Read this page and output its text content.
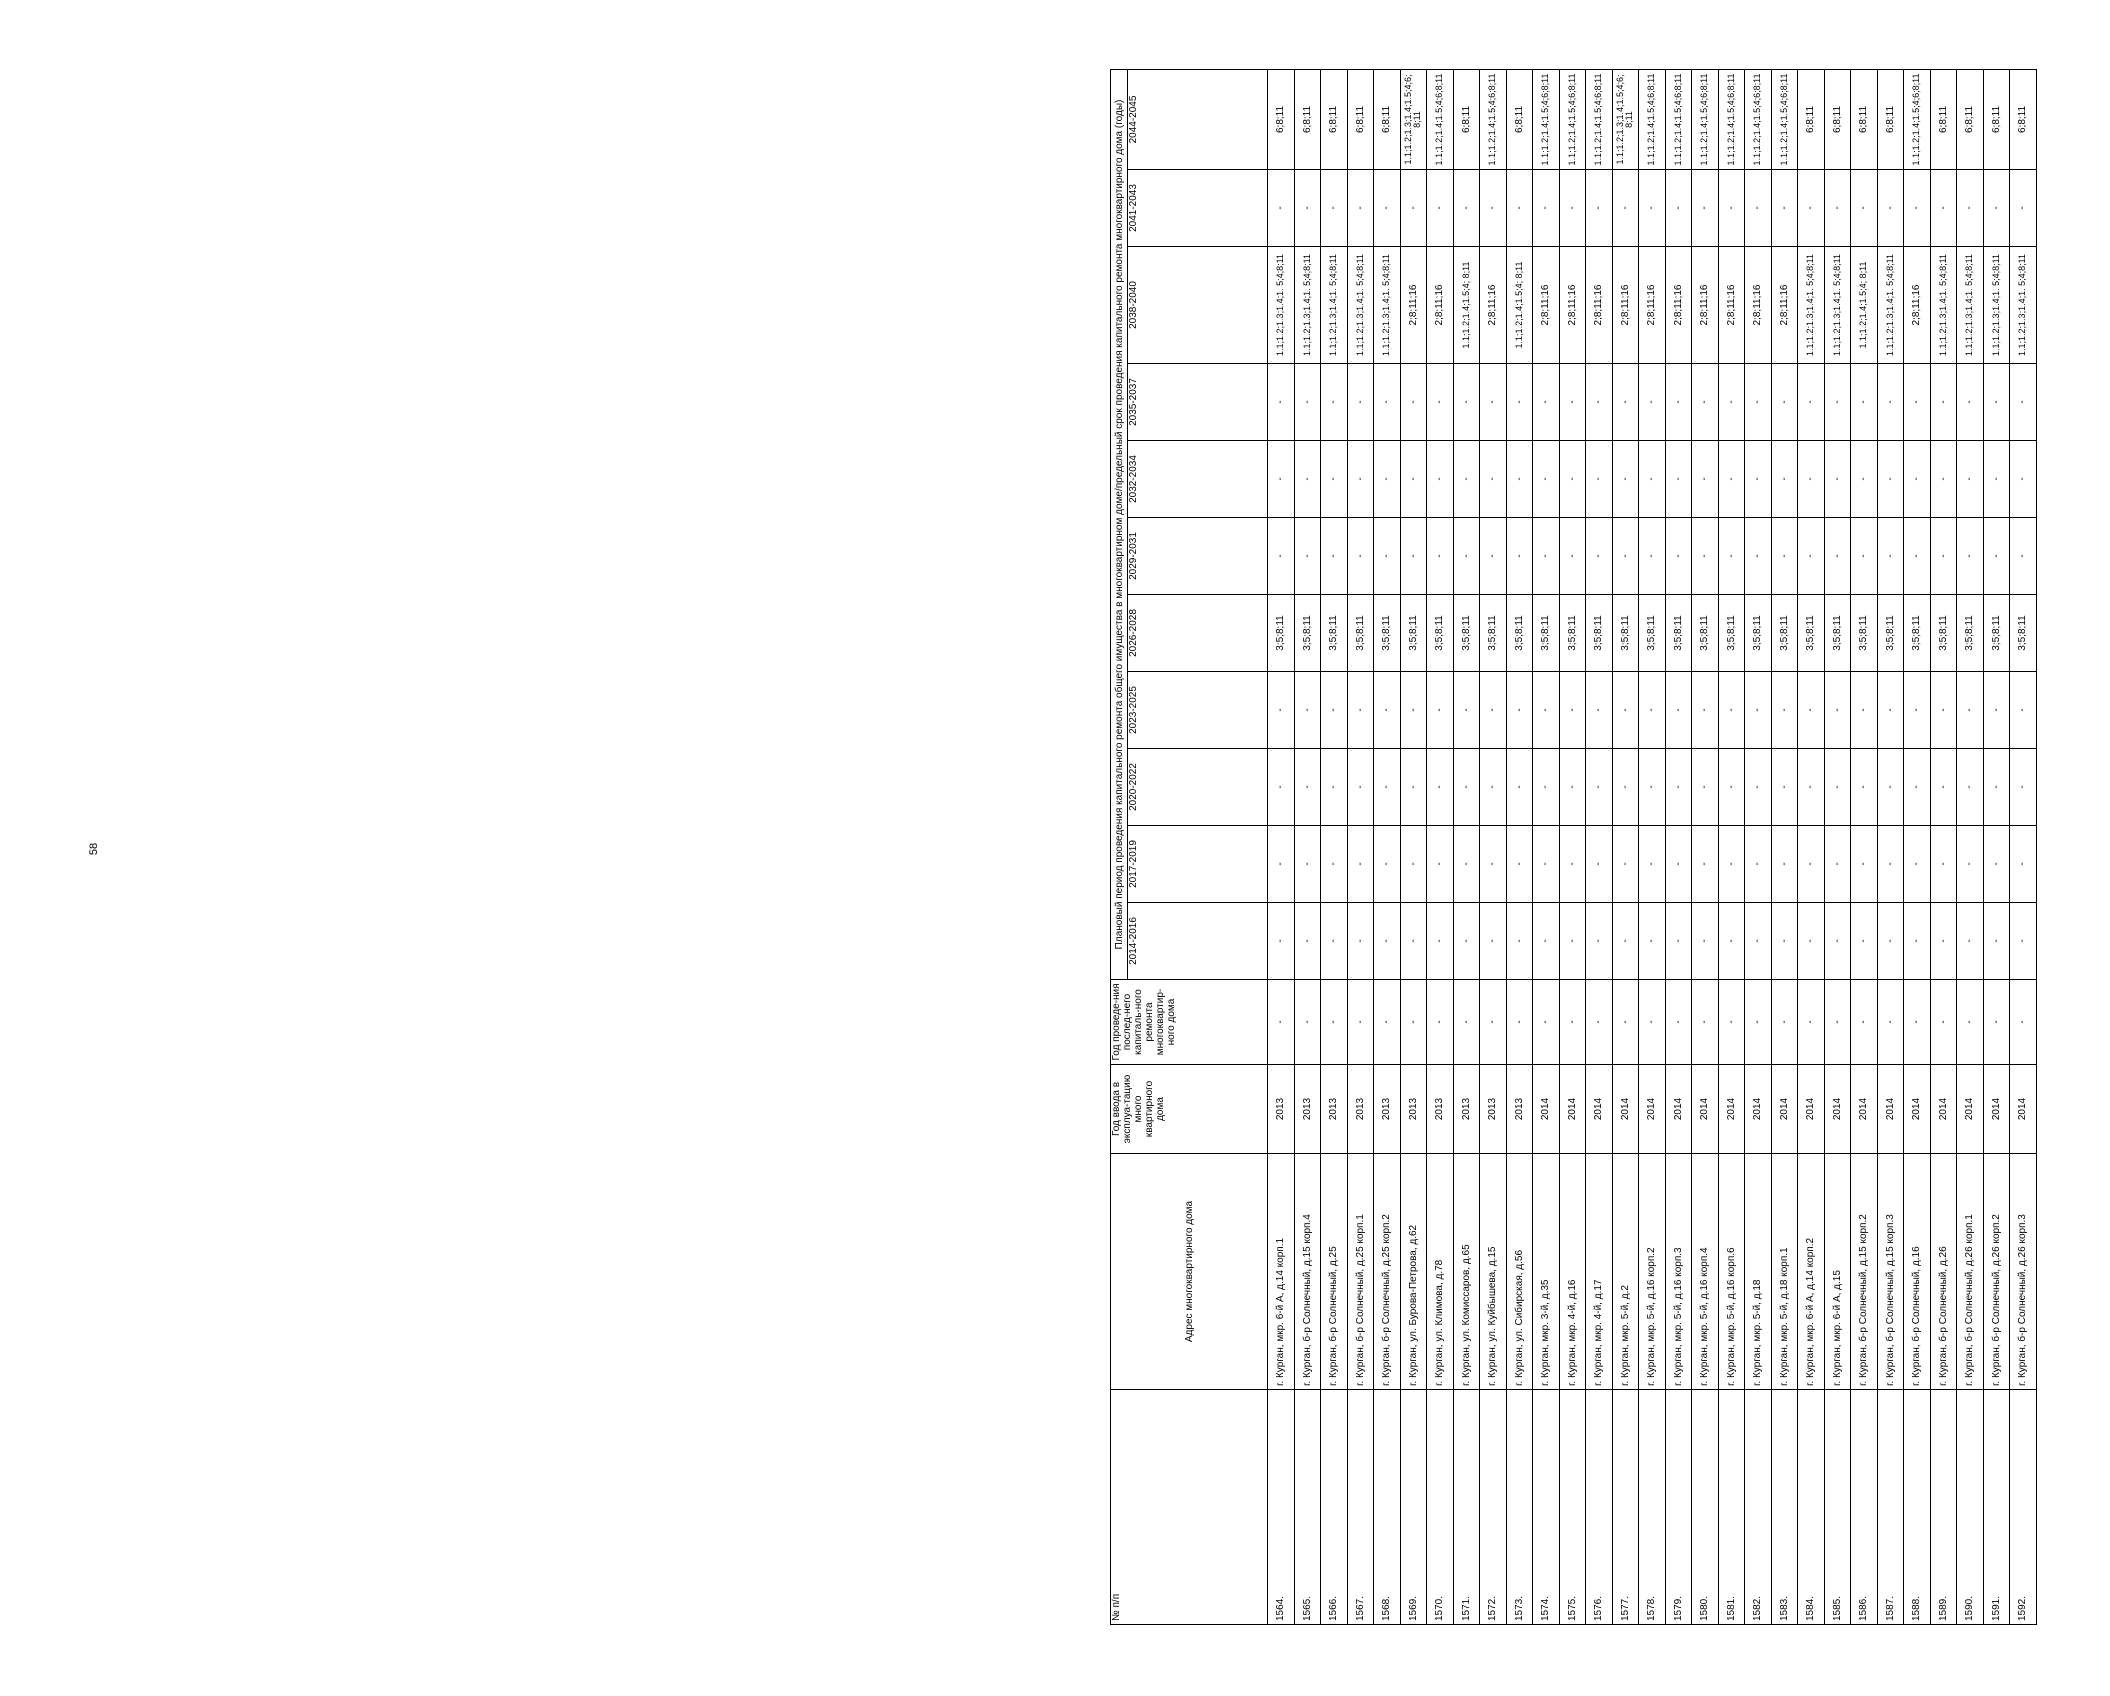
58
№ п/п	Адрес многоквартирного дома	Год ввода в эксплуа-тацию много квартирного дома	Год проведе-ния послед-него капиталь-ного ремонта многоквартир-ного дома	Плановый период проведения капитального ремонта общего имущества в многоквартирном доме/предельный срок проведения капитального ремонта многоквартирного дома (годы)										
				2014-2016	2017-2019	2020-2022	2023-2025	2026-2028	2029-2031	2032-2034	2035-2037	2038-2040	2041-2043	2044-2045
1564.	г. Курган, мкр. 6-й А, д.14 корп.1	2013	-	-	-	-	-	3;5;8;11	-	-	-	1.1;1.2;1.3;1.4;1. 5;4;8;11	-	6;8;11
1565.	г. Курган, б-р Солнечный, д.15 корп.4	2013	-	-	-	-	-	3;5;8;11	-	-	-	1.1;1.2;1.3;1.4;1. 5;4;8;11	-	6;8;11
1566.	г. Курган, б-р Солнечный, д.25	2013	-	-	-	-	-	3;5;8;11	-	-	-	1.1;1.2;1.3;1.4;1. 5;4;8;11	-	6;8;11
1567.	г. Курган, б-р Солнечный, д.25 корп.1	2013	-	-	-	-	-	3;5;8;11	-	-	-	1.1;1.2;1.3;1.4;1. 5;4;8;11	-	6;8;11
1568.	г. Курган, б-р Солнечный, д.25 корп.2	2013	-	-	-	-	-	3;5;8;11	-	-	-	1.1;1.2;1.3;1.4;1. 5;4;8;11	-	6;8;11
1569.	г. Курган, ул. Бурова-Петрова, д.62	2013	-	-	-	-	-	3;5;8;11	-	-	-	2;8;11;16	-	1.1;1.2;1.3;1.4;1.5;4;6; 8;11
1570.	г. Курган, ул. Климова, д.78	2013	-	-	-	-	-	3;5;8;11	-	-	-	2;8;11;16	-	1.1;1.2;1.4;1.5;4;6;8;11
1571.	г. Курган, ул. Комиссаров, д.65	2013	-	-	-	-	-	3;5;8;11	-	-	-	1.1;1.2;1.4;1.5;4; 8;11	-	6;8;11
1572.	г. Курган, ул. Куйбышева, д.15	2013	-	-	-	-	-	3;5;8;11	-	-	-	2;8;11;16	-	1.1;1.2;1.4;1.5;4;6;8;11
1573.	г. Курган, ул. Сибирская, д.56	2013	-	-	-	-	-	3;5;8;11	-	-	-	1.1;1.2;1.4;1.5;4; 8;11	-	6;8;11
1574.	г. Курган, мкр. 3-й, д.35	2014	-	-	-	-	-	3;5;8;11	-	-	-	2;8;11;16	-	1.1;1.2;1.4;1.5;4;6;8;11
1575.	г. Курган, мкр. 4-й, д.16	2014	-	-	-	-	-	3;5;8;11	-	-	-	2;8;11;16	-	1.1;1.2;1.4;1.5;4;6;8;11
1576.	г. Курган, мкр. 4-й, д.17	2014	-	-	-	-	-	3;5;8;11	-	-	-	2;8;11;16	-	1.1;1.2;1.4;1.5;4;6;8;11
1577.	г. Курган, мкр. 5-й, д.2	2014	-	-	-	-	-	3;5;8;11	-	-	-	2;8;11;16	-	1.1;1.2;1.3;1.4;1.5;4;6; 8;11
1578.	г. Курган, мкр. 5-й, д.16 корп.2	2014	-	-	-	-	-	3;5;8;11	-	-	-	2;8;11;16	-	1.1;1.2;1.4;1.5;4;6;8;11
1579.	г. Курган, мкр. 5-й, д.16 корп.3	2014	-	-	-	-	-	3;5;8;11	-	-	-	2;8;11;16	-	1.1;1.2;1.4;1.5;4;6;8;11
1580.	г. Курган, мкр. 5-й, д.16 корп.4	2014	-	-	-	-	-	3;5;8;11	-	-	-	2;8;11;16	-	1.1;1.2;1.4;1.5;4;6;8;11
1581.	г. Курган, мкр. 5-й, д.16 корп.6	2014	-	-	-	-	-	3;5;8;11	-	-	-	2;8;11;16	-	1.1;1.2;1.4;1.5;4;6;8;11
1582.	г. Курган, мкр. 5-й, д.18	2014	-	-	-	-	-	3;5;8;11	-	-	-	2;8;11;16	-	1.1;1.2;1.4;1.5;4;6;8;11
1583.	г. Курган, мкр. 5-й, д.18 корп.1	2014	-	-	-	-	-	3;5;8;11	-	-	-	2;8;11;16	-	1.1;1.2;1.4;1.5;4;6;8;11
1584.	г. Курган, мкр. 6-й А, д.14 корп.2	2014	-	-	-	-	-	3;5;8;11	-	-	-	1.1;1.2;1.3;1.4;1. 5;4;8;11	-	6;8;11
1585.	г. Курган, мкр. 6-й А, д.15	2014	-	-	-	-	-	3;5;8;11	-	-	-	1.1;1.2;1.3;1.4;1. 5;4;8;11	-	6;8;11
1586.	г. Курган, б-р Солнечный, д.15 корп.2	2014	-	-	-	-	-	3;5;8;11	-	-	-	1.1;1.2;1.4;1.5;4; 8;11	-	6;8;11
1587.	г. Курган, б-р Солнечный, д.15 корп.3	2014	-	-	-	-	-	3;5;8;11	-	-	-	1.1;1.2;1.3;1.4;1. 5;4;8;11	-	6;8;11
1588.	г. Курган, б-р Солнечный, д.16	2014	-	-	-	-	-	3;5;8;11	-	-	-	2;8;11;16	-	1.1;1.2;1.4;1.5;4;6;8;11
1589.	г. Курган, б-р Солнечный, д.26	2014	-	-	-	-	-	3;5;8;11	-	-	-	1.1;1.2;1.3;1.4;1. 5;4;8;11	-	6;8;11
1590.	г. Курган, б-р Солнечный, д.26 корп.1	2014	-	-	-	-	-	3;5;8;11	-	-	-	1.1;1.2;1.3;1.4;1. 5;4;8;11	-	6;8;11
1591.	г. Курган, б-р Солнечный, д.26 корп.2	2014	-	-	-	-	-	3;5;8;11	-	-	-	1.1;1.2;1.3;1.4;1. 5;4;8;11	-	6;8;11
1592.	г. Курган, б-р Солнечный, д.26 корп.3	2014	-	-	-	-	-	3;5;8;11	-	-	-	1.1;1.2;1.3;1.4;1. 5;4;8;11	-	6;8;11
